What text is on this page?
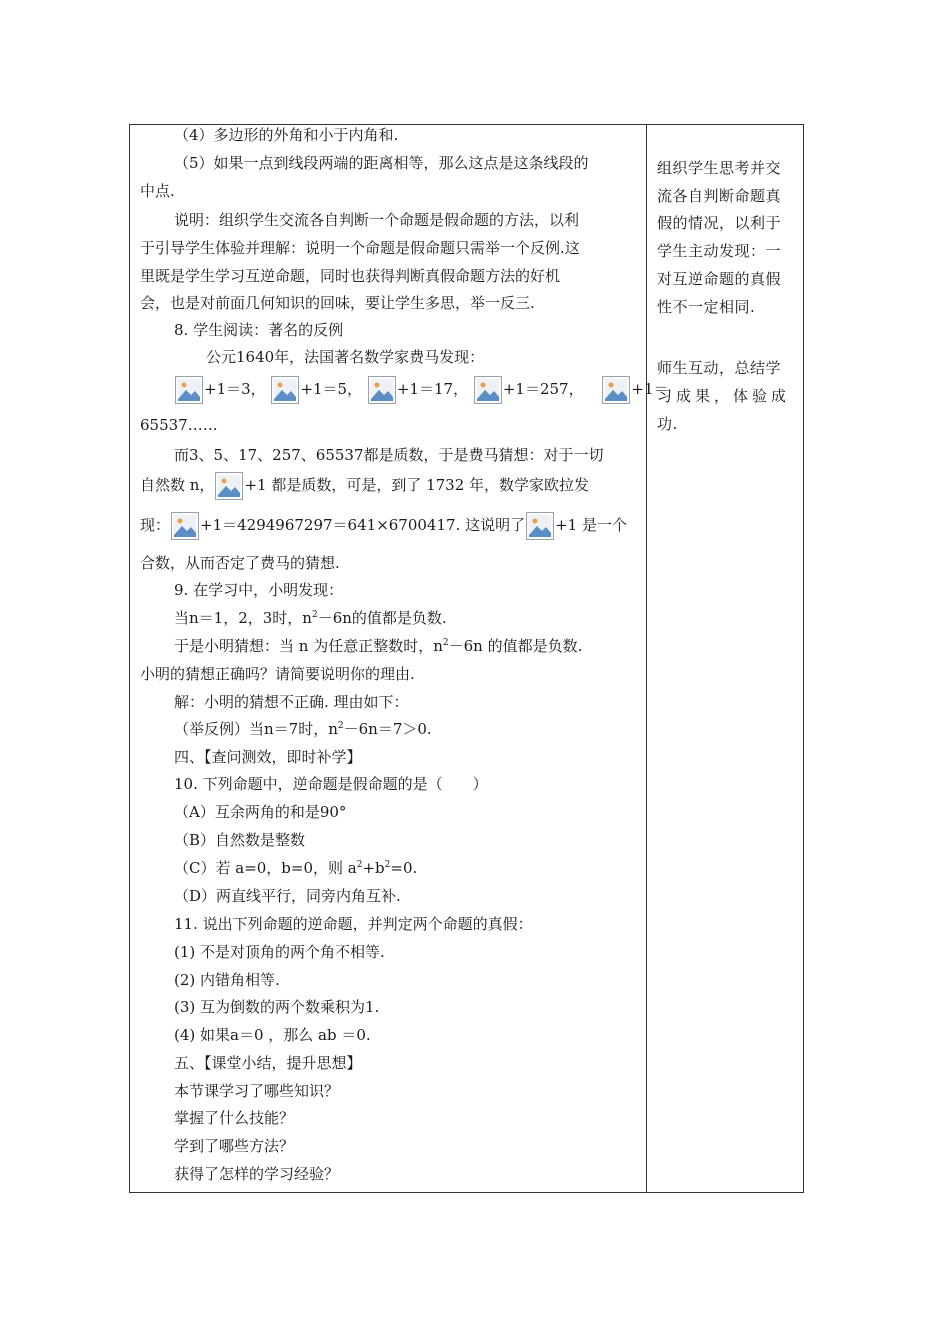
（4）多边形的外角和小于内角和.
（5）如果一点到线段两端的距离相等，那么这点是这条线段的
中点.
说明：组织学生交流各自判断一个命题是假命题的方法，以利
于引导学生体验并理解：说明一个命题是假命题只需举一个反例.这
里既是学生学习互逆命题，同时也获得判断真假命题方法的好机
会，也是对前面几何知识的回味，要让学生多思，举一反三.
8. 学生阅读：著名的反例
公元1640年，法国著名数学家费马发现：
+1＝3， +1＝5， +1＝17， +1＝257，	+1＝
65537……
而3、5、17、257、65537都是质数，于是费马猜想：对于一切
自然数 n， +1 都是质数，可是，到了 1732 年，数学家欧拉发
现： +1＝4294967297＝641×6700417. 这说明了 +1 是一个
合数，从而否定了费马的猜想.
9. 在学习中，小明发现：
当n＝1，2，3时，$n^2-6n$的值都是负数.
于是小明猜想：当 n 为任意正整数时，$n^2-6n$ 的值都是负数.
小明的猜想正确吗？请简要说明你的理由.
解：小明的猜想不正确. 理由如下：
（举反例）当n＝7时，$n^2-6n=7>0$.
四、【查问测效，即时补学】
10. 下列命题中，逆命题是假命题的是（　　）
（A）互余两角的和是90°
（B）自然数是整数
（C）若 a=0，b=0，则 $a^2+b^2=0$.
（D）两直线平行，同旁内角互补.
11. 说出下列命题的逆命题，并判定两个命题的真假：
(1) 不是对顶角的两个角不相等.
(2) 内错角相等.
(3) 互为倒数的两个数乘积为1.
(4) 如果a＝0 ，那么 ab ＝0.
五、【课堂小结，提升思想】
本节课学习了哪些知识？
掌握了什么技能？
学到了哪些方法？
获得了怎样的学习经验？
组织学生思考并交
流各自判断命题真
假的情况，以利于
学生主动发现：一
对互逆命题的真假
性不一定相同.
师生互动，总结学
习成果，体验成
功.
